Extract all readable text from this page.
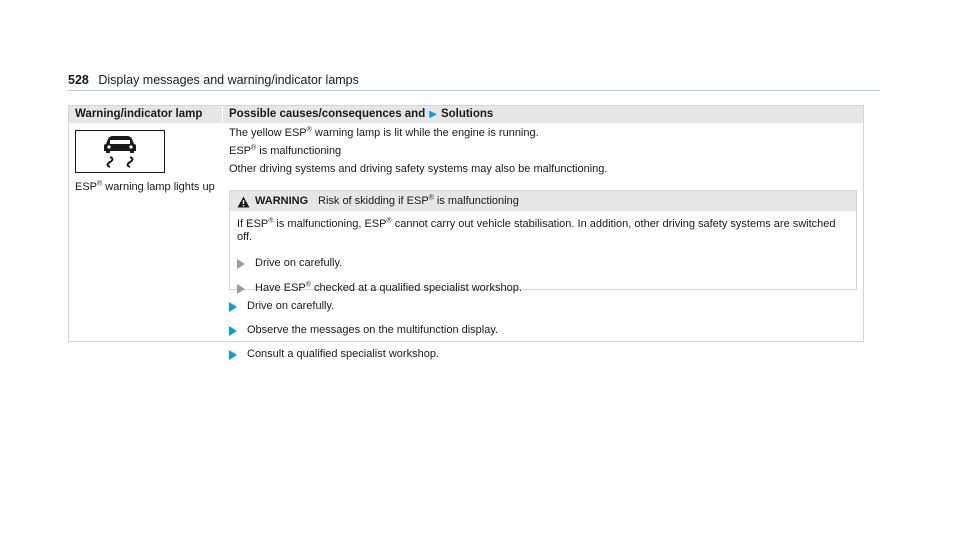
528 Display messages and warning/indicator lamps
Warning/indicator lamp Possible causes/consequences and ▶ Solutions
ESP® warning lamp lights up
The yellow ESP® warning lamp is lit while the engine is running.
ESP® is malfunctioning
Other driving systems and driving safety systems may also be malfunctioning.
WARNING Risk of skidding if ESP® is malfunctioning
If ESP® is malfunctioning, ESP® cannot carry out vehicle stabilisation. In addition, other driving safety systems are switched off.
Drive on carefully.
Have ESP® checked at a qualified specialist workshop.
Drive on carefully.
Observe the messages on the multifunction display.
Consult a qualified specialist workshop.
